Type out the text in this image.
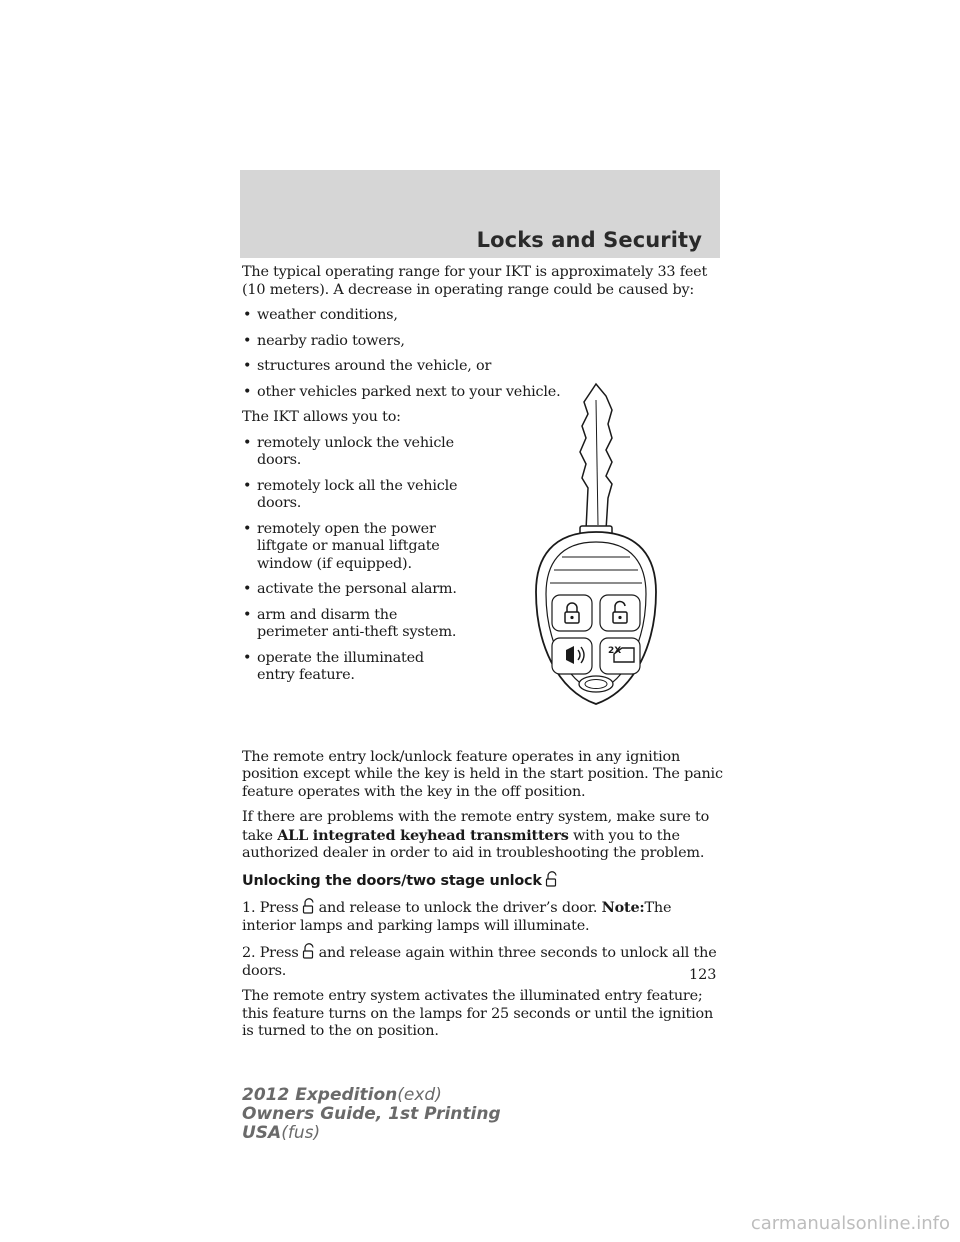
Locks and Security

The typical operating range for your IKT is approximately 33 feet (10 meters). A decrease in operating range could be caused by:

• weather conditions,
• nearby radio towers,
• structures around the vehicle, or
• other vehicles parked next to your vehicle.

The IKT allows you to:

• remotely unlock the vehicle doors.
• remotely lock all the vehicle doors.
• remotely open the power liftgate or manual liftgate window (if equipped).
• activate the personal alarm.
• arm and disarm the perimeter anti-theft system.
• operate the illuminated entry feature.

The remote entry lock/unlock feature operates in any ignition position except while the key is held in the start position. The panic feature operates with the key in the off position.

If there are problems with the remote entry system, make sure to take ALL integrated keyhead transmitters with you to the authorized dealer in order to aid in troubleshooting the problem.

Unlocking the doors/two stage unlock

1. Press and release to unlock the driver’s door. Note:The interior lamps and parking lamps will illuminate.

2. Press and release again within three seconds to unlock all the doors.

The remote entry system activates the illuminated entry feature; this feature turns on the lamps for 25 seconds or until the ignition is turned to the on position.

2X
123
2012 Expedition(exd)
Owners Guide, 1st Printing
USA(fus)
carmanualsonline.info
